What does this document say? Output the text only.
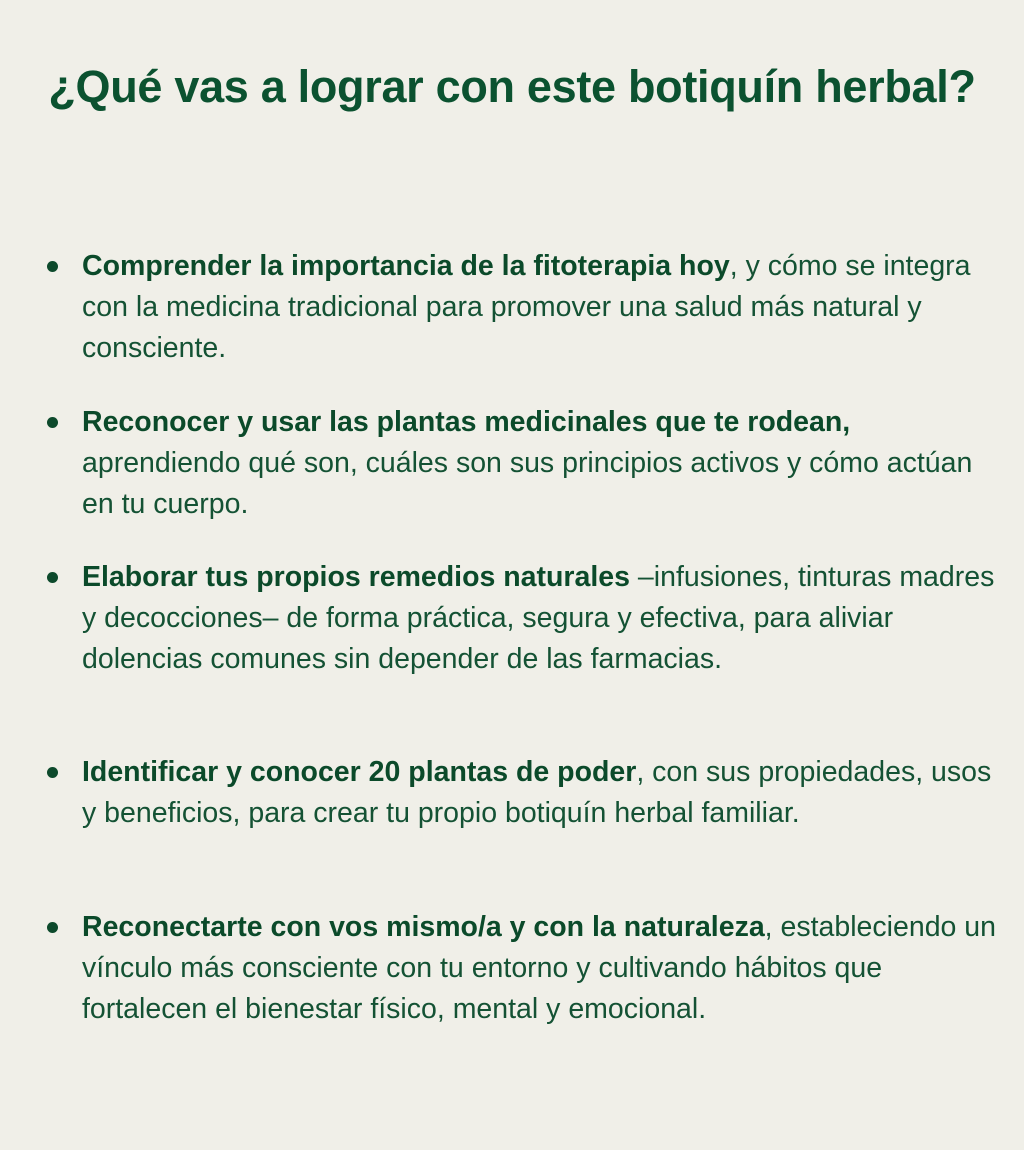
¿Qué vas a lograr con este botiquín herbal?
Comprender la importancia de la fitoterapia hoy, y cómo se integra con la medicina tradicional para promover una salud más natural y consciente.
Reconocer y usar las plantas medicinales que te rodean, aprendiendo qué son, cuáles son sus principios activos y cómo actúan en tu cuerpo.
Elaborar tus propios remedios naturales –infusiones, tinturas madres y decocciones– de forma práctica, segura y efectiva, para aliviar dolencias comunes sin depender de las farmacias.
Identificar y conocer 20 plantas de poder, con sus propiedades, usos y beneficios, para crear tu propio botiquín herbal familiar.
Reconectarte con vos mismo/a y con la naturaleza, estableciendo un vínculo más consciente con tu entorno y cultivando hábitos que fortalecen el bienestar físico, mental y emocional.
